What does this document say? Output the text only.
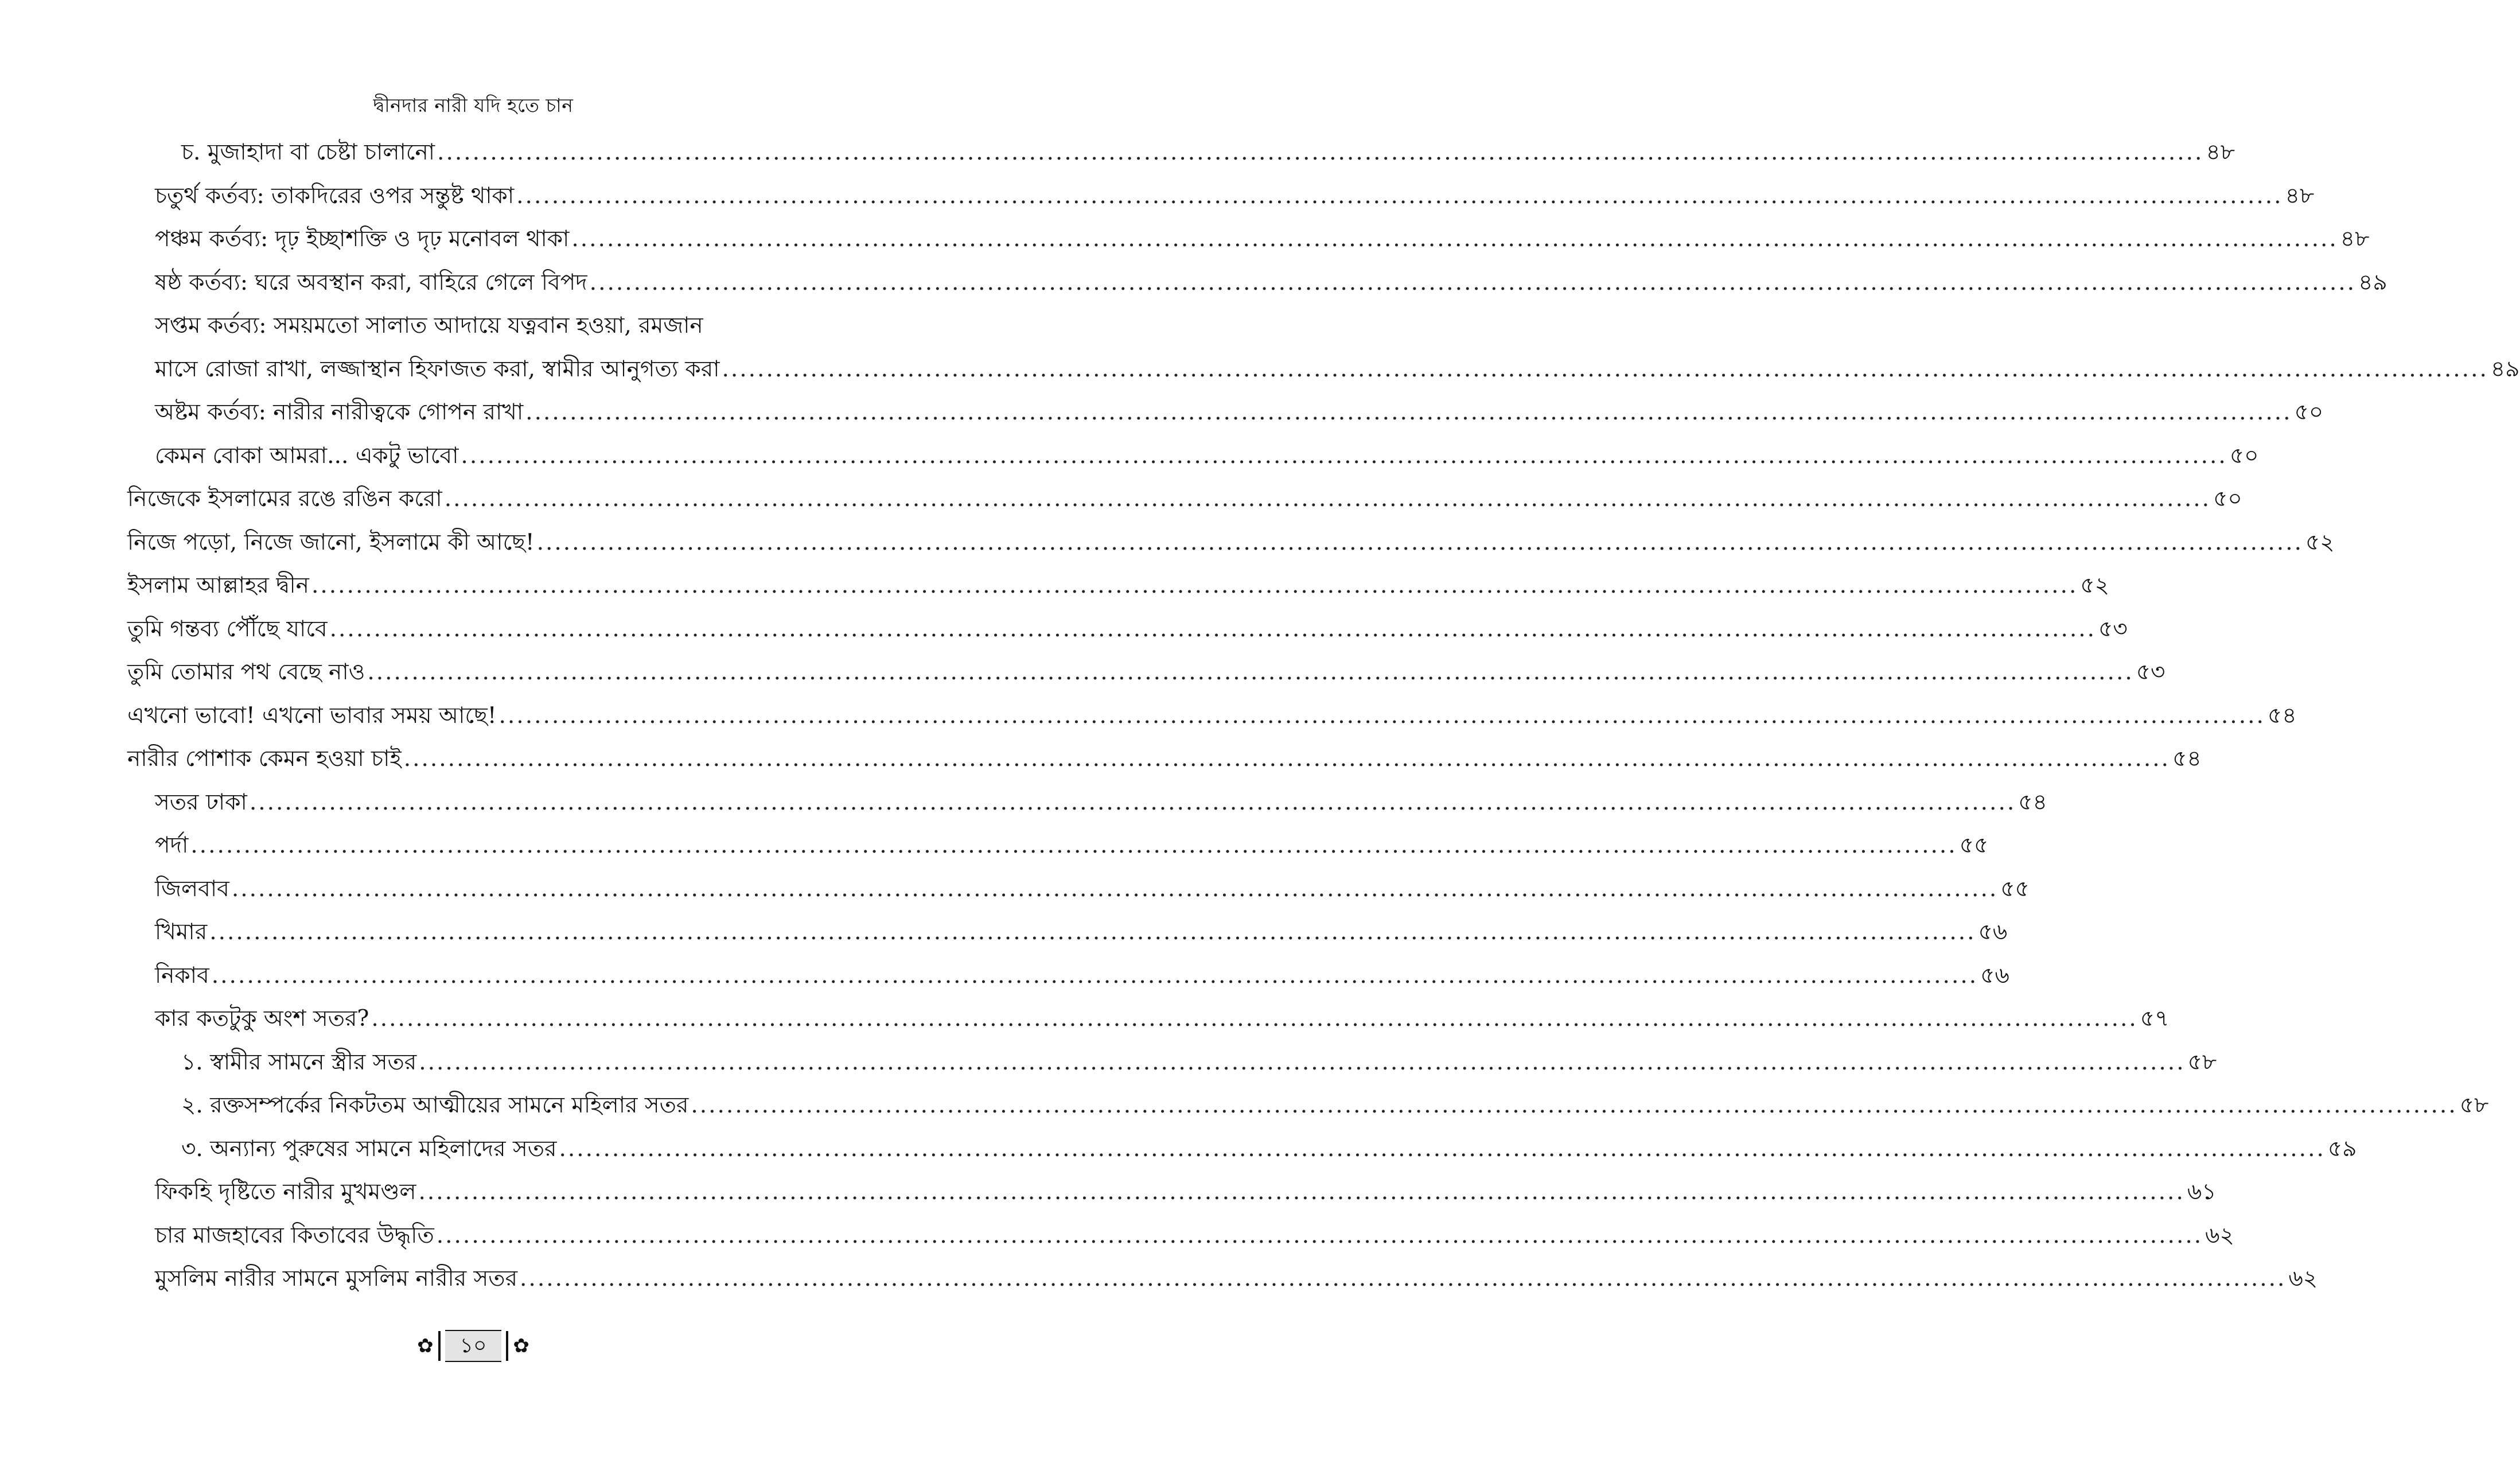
দ্বীনদার নারী যদি হতে চান
চ. মুজাহাদা বা চেষ্টা চালানো ........................................................................................................................................................................................................ ৪৮
চতুর্থ কর্তব্য: তাকদিরের ওপর সন্তুষ্ট থাকা ........................................................................................................................................................................................................ ৪৮
পঞ্চম কর্তব্য: দৃঢ় ইচ্ছাশক্তি ও দৃঢ় মনোবল থাকা ........................................................................................................................................................................................................ ৪৮
ষষ্ঠ কর্তব্য: ঘরে অবস্থান করা, বাহিরে গেলে বিপদ ........................................................................................................................................................................................................ ৪৯
সপ্তম কর্তব্য: সময়মতো সালাত আদায়ে যত্নবান হওয়া, রমজান
মাসে রোজা রাখা, লজ্জাস্থান হিফাজত করা, স্বামীর আনুগত্য করা ........................................................................................................................................................................................................ ৪৯
অষ্টম কর্তব্য: নারীর নারীত্বকে গোপন রাখা ........................................................................................................................................................................................................ ৫০
কেমন বোকা আমরা... একটু ভাবো ........................................................................................................................................................................................................ ৫০
নিজেকে ইসলামের রঙে রঙিন করো ........................................................................................................................................................................................................ ৫০
নিজে পড়ো, নিজে জানো, ইসলামে কী আছে! ........................................................................................................................................................................................................ ৫২
ইসলাম আল্লাহর দ্বীন ........................................................................................................................................................................................................ ৫২
তুমি গন্তব্য পৌঁছে যাবে ........................................................................................................................................................................................................ ৫৩
তুমি তোমার পথ বেছে নাও ........................................................................................................................................................................................................ ৫৩
এখনো ভাবো! এখনো ভাবার সময় আছে! ........................................................................................................................................................................................................ ৫৪
নারীর পোশাক কেমন হওয়া চাই ........................................................................................................................................................................................................ ৫৪
সতর ঢাকা ........................................................................................................................................................................................................ ৫৪
পর্দা ........................................................................................................................................................................................................ ৫৫
জিলবাব ........................................................................................................................................................................................................ ৫৫
খিমার ........................................................................................................................................................................................................ ৫৬
নিকাব ........................................................................................................................................................................................................ ৫৬
কার কতটুকু অংশ সতর? ........................................................................................................................................................................................................ ৫৭
১. স্বামীর সামনে স্ত্রীর সতর ........................................................................................................................................................................................................ ৫৮
২. রক্তসম্পর্কের নিকটতম আত্মীয়ের সামনে মহিলার সতর ........................................................................................................................................................................................................ ৫৮
৩. অন্যান্য পুরুষের সামনে মহিলাদের সতর ........................................................................................................................................................................................................ ৫৯
ফিকহি দৃষ্টিতে নারীর মুখমণ্ডল ........................................................................................................................................................................................................ ৬১
চার মাজহাবের কিতাবের উদ্ধৃতি ........................................................................................................................................................................................................ ৬২
মুসলিম নারীর সামনে মুসলিম নারীর সতর ........................................................................................................................................................................................................ ৬২
✿	১০	✿
